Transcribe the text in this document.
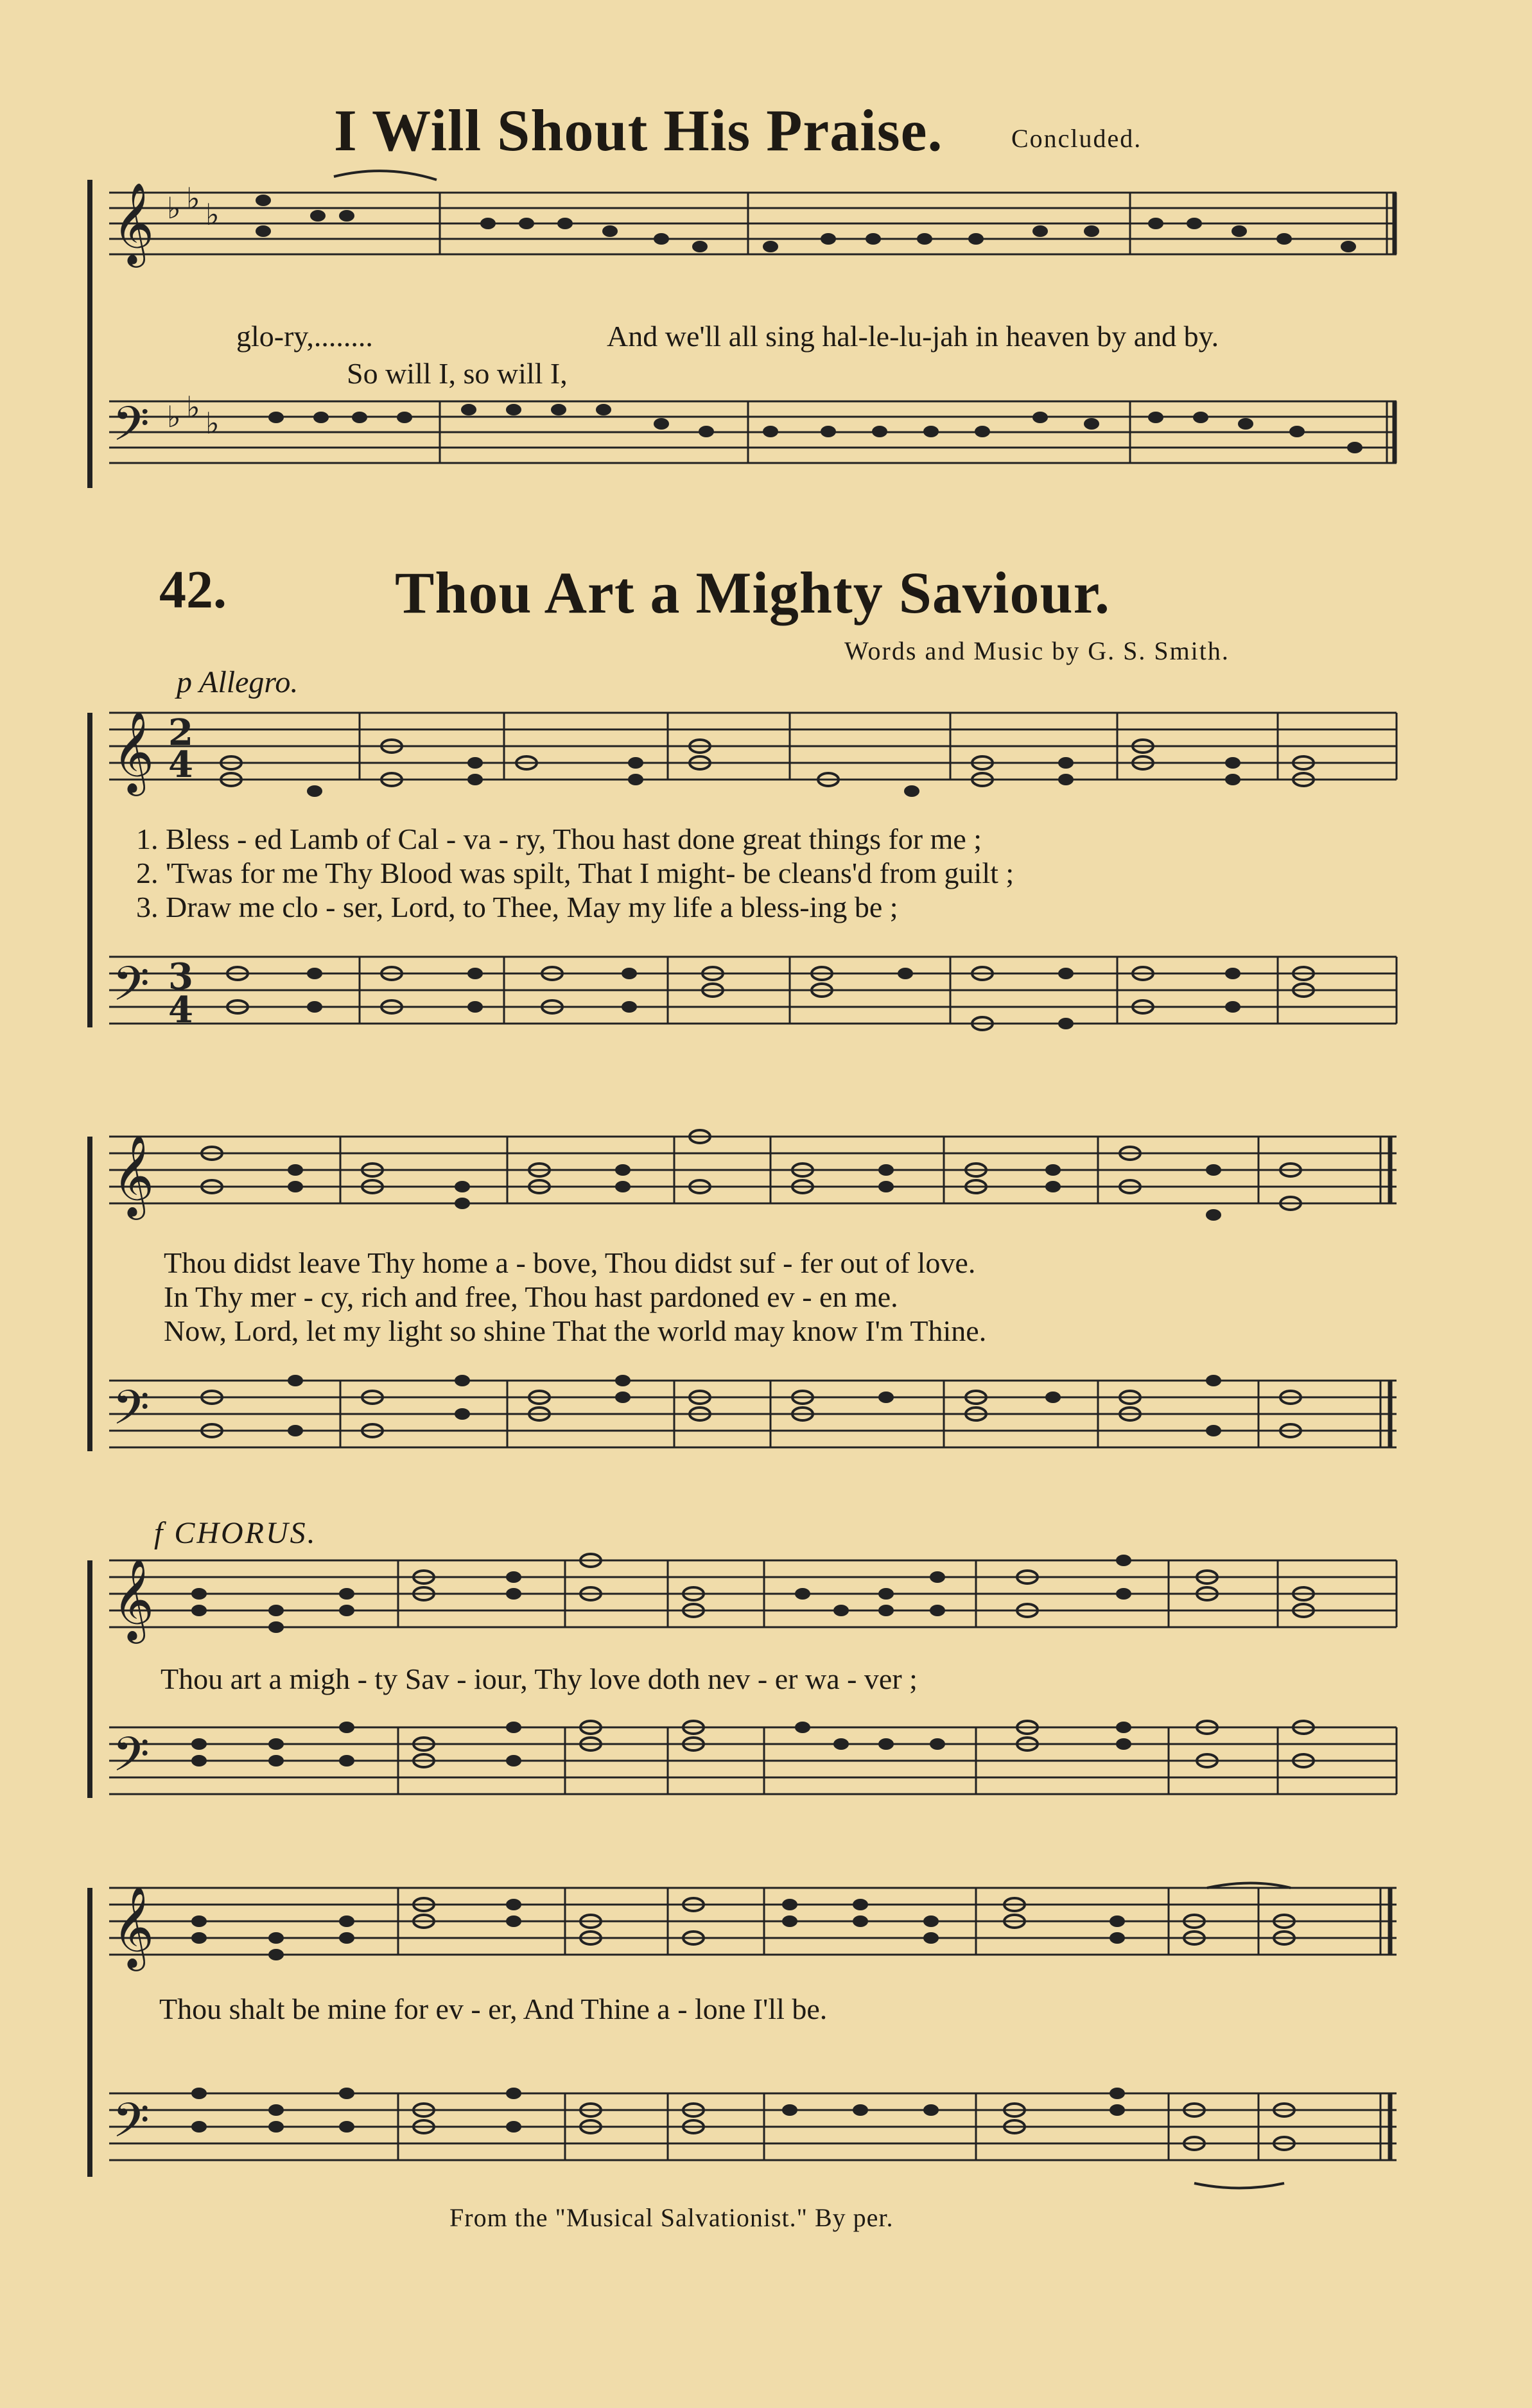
I Will Shout His Praise.	Concluded.
𝄞
𝄢
♭ ♭ ♭
♭ ♭ ♭
glo-ry,........	And we'll all sing hal-le-lu-jah in heaven by and by.
So will I, so will I,
42.	Thou Art a Mighty Saviour.
Words and Music by G. S. Smith.
p Allegro.
𝄞
𝄢
2
4
3
4
1. Bless - ed Lamb of Cal - va - ry, Thou hast done great things for me ;
2. 'Twas for me Thy Blood was spilt, That I might- be cleans'd from guilt ;
3. Draw me clo - ser, Lord, to Thee, May my life a bless-ing be ;
𝄞
𝄢
Thou didst leave Thy home a - bove, Thou didst suf - fer out of love.
In Thy mer - cy, rich and free, Thou hast pardoned ev - en me.
Now, Lord, let my light so shine That the world may know I'm Thine.
f CHORUS.
𝄞
𝄢
Thou art a migh - ty Sav - iour, Thy love doth nev - er wa - ver ;
𝄞
𝄢
Thou shalt be mine for ev - er, And Thine a - lone I'll be.
From the "Musical Salvationist." By per.
